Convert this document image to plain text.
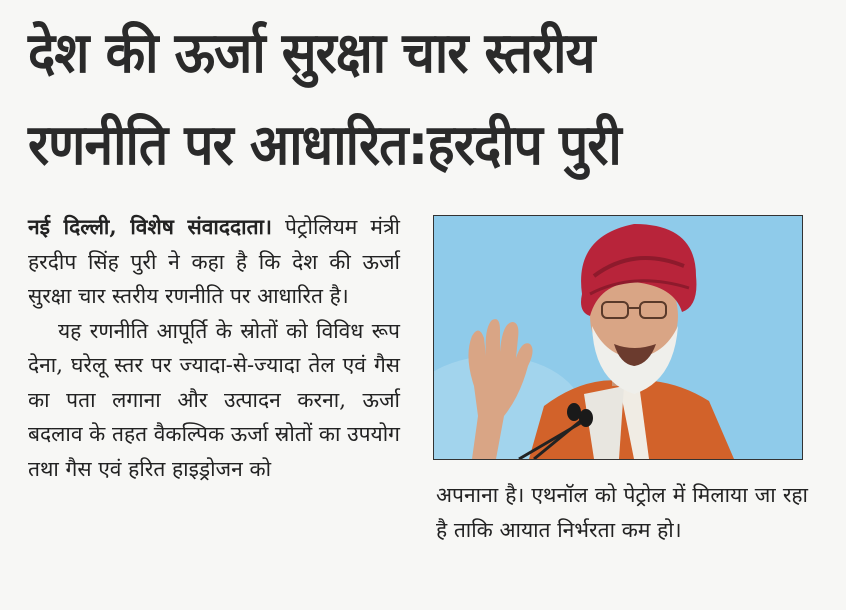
देश की ऊर्जा सुरक्षा चार स्तरीय
रणनीति पर आधारित:हरदीप पुरी

नई दिल्ली, विशेष संवाददाता। पेट्रोलियम मंत्री हरदीप सिंह पुरी ने कहा है कि देश की ऊर्जा सुरक्षा चार स्तरीय रणनीति पर आधारित है।

यह रणनीति आपूर्ति के स्रोतों को विविध रूप देना, घरेलू स्तर पर ज्यादा-से-ज्यादा तेल एवं गैस का पता लगाना और उत्पादन करना, ऊर्जा बदलाव के तहत वैकल्पिक ऊर्जा स्रोतों का उपयोग तथा गैस एवं हरित हाइड्रोजन को

अपनाना है। एथनॉल को पेट्रोल में मिलाया जा रहा है ताकि आयात निर्भरता कम हो।
